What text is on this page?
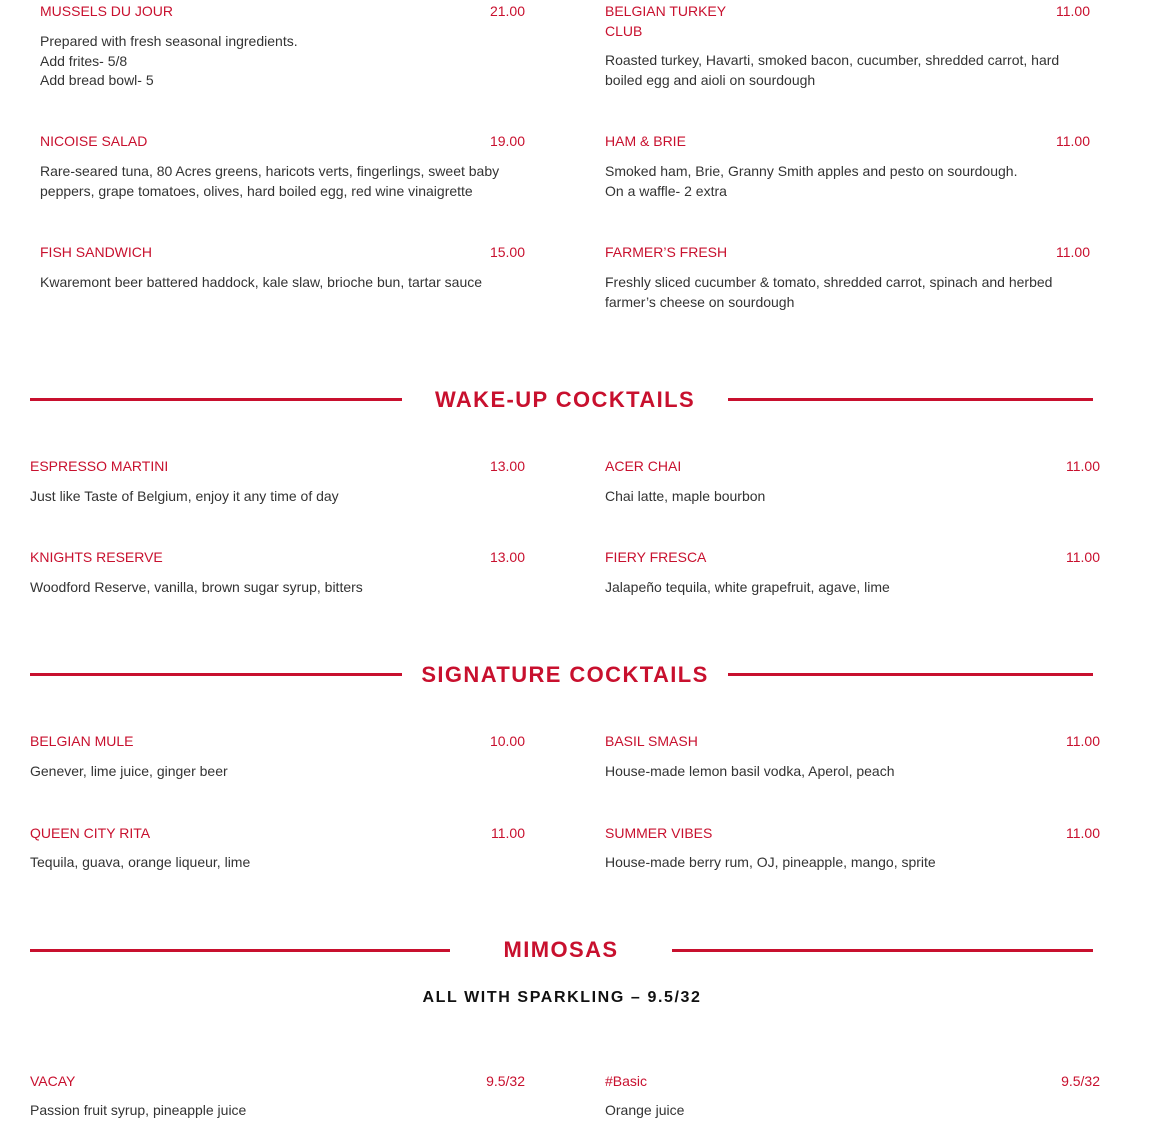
MUSSELS DU JOUR	21.00
Prepared with fresh seasonal ingredients.
Add frites- 5/8
Add bread bowl- 5
NICOISE SALAD	19.00
Rare-seared tuna, 80 Acres greens, haricots verts, fingerlings, sweet baby peppers, grape tomatoes, olives, hard boiled egg, red wine vinaigrette
FISH SANDWICH	15.00
Kwaremont beer battered haddock, kale slaw, brioche bun, tartar sauce
BELGIAN TURKEY CLUB
11.00
Roasted turkey, Havarti, smoked bacon, cucumber, shredded carrot, hard boiled egg and aioli on sourdough
HAM & BRIE	11.00
Smoked ham, Brie, Granny Smith apples and pesto on sourdough.
On a waffle- 2 extra
FARMER’S FRESH	11.00
Freshly sliced cucumber & tomato, shredded carrot, spinach and herbed farmer’s cheese on sourdough
WAKE-UP COCKTAILS
ESPRESSO MARTINI	13.00
Just like Taste of Belgium, enjoy it any time of day
ACER CHAI	11.00
Chai latte, maple bourbon
KNIGHTS RESERVE	13.00
Woodford Reserve, vanilla, brown sugar syrup, bitters
FIERY FRESCA	11.00
Jalapeño tequila, white grapefruit, agave, lime
SIGNATURE COCKTAILS
BELGIAN MULE	10.00
Genever, lime juice, ginger beer
BASIL SMASH	11.00
House-made lemon basil vodka, Aperol, peach
QUEEN CITY RITA	11.00
Tequila, guava, orange liqueur, lime
SUMMER VIBES	11.00
House-made berry rum, OJ, pineapple, mango, sprite
MIMOSAS
ALL WITH SPARKLING – 9.5/32
VACAY	9.5/32
Passion fruit syrup, pineapple juice
#Basic	9.5/32
Orange juice
